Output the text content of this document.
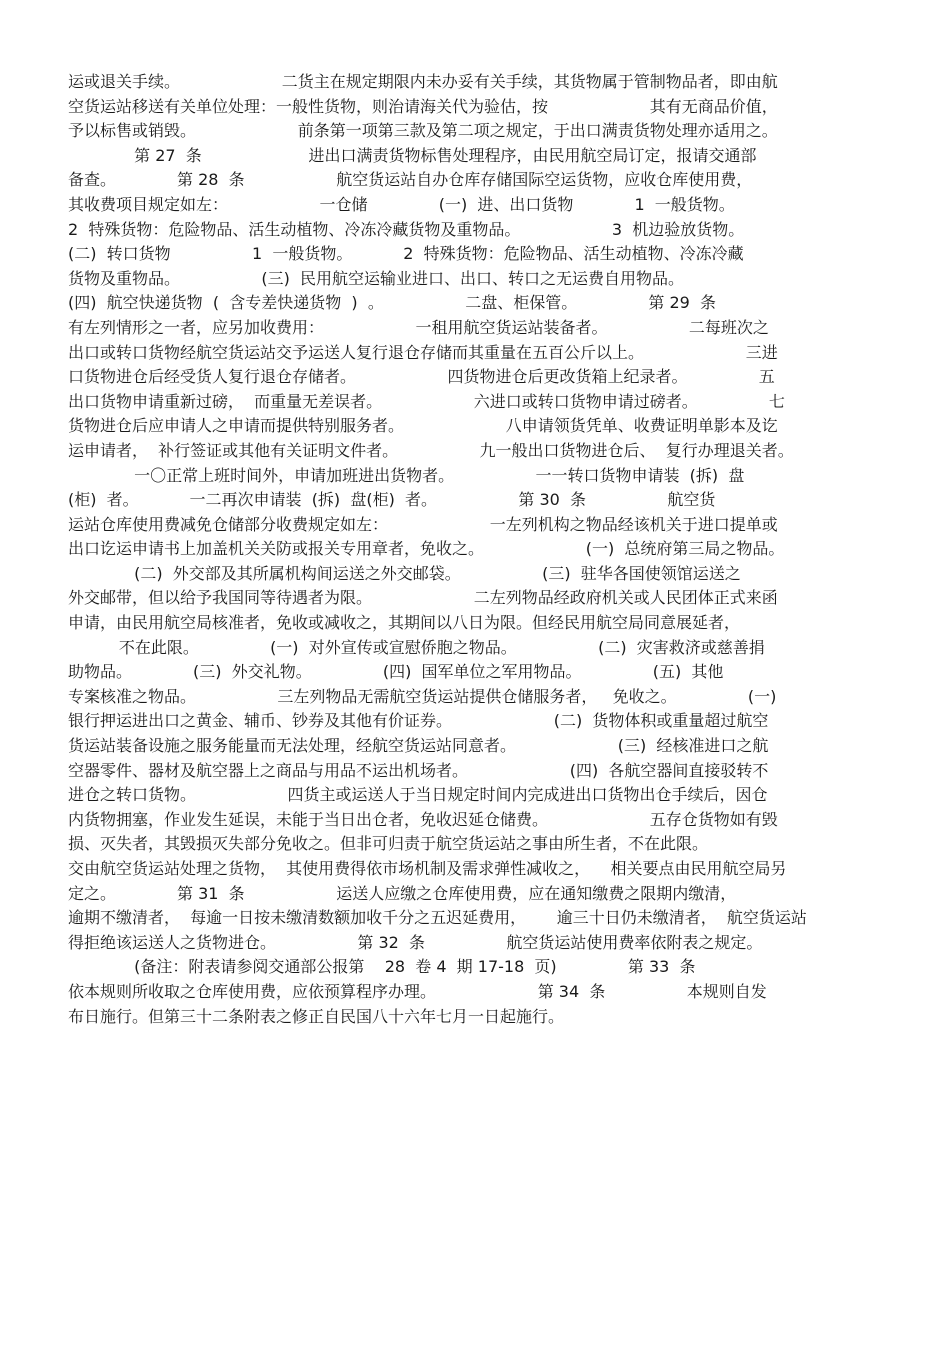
运或退关手续。                    二货主在规定期限内未办妥有关手续，其货物属于管制物品者，即由航
空货运站移送有关单位处理：一般性货物，则治请海关代为验估，按                    其有无商品价值，
予以标售或销毁。                    前条第一项第三款及第二项之规定，于出口满责货物处理亦适用之。
第 27  条                     进出口满责货物标售处理程序，由民用航空局订定，报请交通部
备查。            第 28  条                  航空货运站自办仓库存储国际空运货物，应收仓库使用费，
其收费项目规定如左：                  一仓储              (一)  进、出口货物            1  一般货物。
2  特殊货物：危险物品、活生动植物、冷冻冷藏货物及重物品。                  3  机边验放货物。
(二)  转口货物                1  一般货物。          2  特殊货物：危险物品、活生动植物、冷冻冷藏
货物及重物品。                (三)  民用航空运输业进口、出口、转口之无运费自用物品。
(四)  航空快递货物  (  含专差快递货物  )  。                二盘、柜保管。              第 29  条
有左列情形之一者，应另加收费用：                  一租用航空货运站装备者。                二每班次之
出口或转口货物经航空货运站交予运送人复行退仓存储而其重量在五百公斤以上。                    三进
口货物进仓后经受货人复行退仓存储者。                  四货物进仓后更改货箱上纪录者。              五
出口货物申请重新过磅，  而重量无差误者。                  六进口或转口货物申请过磅者。              七
货物进仓后应申请人之申请而提供特别服务者。                    八申请领货凭单、收费证明单影本及讫
运申请者，  补行签证或其他有关证明文件者。                九一般出口货物进仓后、  复行办理退关者。
一〇正常上班时间外，申请加班进出货物者。                一一转口货物申请装  (拆)  盘
(柜)  者。          一二再次申请装  (拆)  盘(柜)  者。                第 30  条                航空货
运站仓库使用费减免仓储部分收费规定如左：                    一左列机构之物品经该机关于进口提单或
出口讫运申请书上加盖机关关防或报关专用章者，免收之。                    (一)  总统府第三局之物品。
(二)  外交部及其所属机构间运送之外交邮袋。                (三)  驻华各国使领馆运送之
外交邮带，但以给予我国同等待遇者为限。                    二左列物品经政府机关或人民团体正式来函
申请，由民用航空局核准者，免收或减收之，其期间以八日为限。但经民用航空局同意展延者，
不在此限。              (一)  对外宣传或宣慰侨胞之物品。                (二)  灾害救济或慈善捐
助物品。            (三)  外交礼物。              (四)  国军单位之军用物品。              (五)  其他
专案核准之物品。                三左列物品无需航空货运站提供仓储服务者，   免收之。              (一)
银行押运进出口之黄金、辅币、钞券及其他有价证券。                    (二)  货物体积或重量超过航空
货运站装备设施之服务能量而无法处理，经航空货运站同意者。                    (三)  经核准进口之航
空器零件、器材及航空器上之商品与用品不运出机场者。                    (四)  各航空器间直接驳转不
进仓之转口货物。                  四货主或运送人于当日规定时间内完成进出口货物出仓手续后，因仓
内货物拥塞，作业发生延误，未能于当日出仓者，免收迟延仓储费。                    五存仓货物如有毁
损、灭失者，其毁损灭失部分免收之。但非可归责于航空货运站之事由所生者，不在此限。
交由航空货运站处理之货物，  其使用费得依市场机制及需求弹性减收之，    相关要点由民用航空局另
定之。            第 31  条                  运送人应缴之仓库使用费，应在通知缴费之限期内缴清，
逾期不缴清者，  每逾一日按未缴清数额加收千分之五迟延费用，      逾三十日仍未缴清者，  航空货运站
得拒绝该运送人之货物进仓。                第 32  条                航空货运站使用费率依附表之规定。
(备注：附表请参阅交通部公报第    28  卷 4  期 17-18  页)              第 33  条
依本规则所收取之仓库使用费，应依预算程序办理。                    第 34  条                本规则自发
布日施行。但第三十二条附表之修正自民国八十六年七月一日起施行。
